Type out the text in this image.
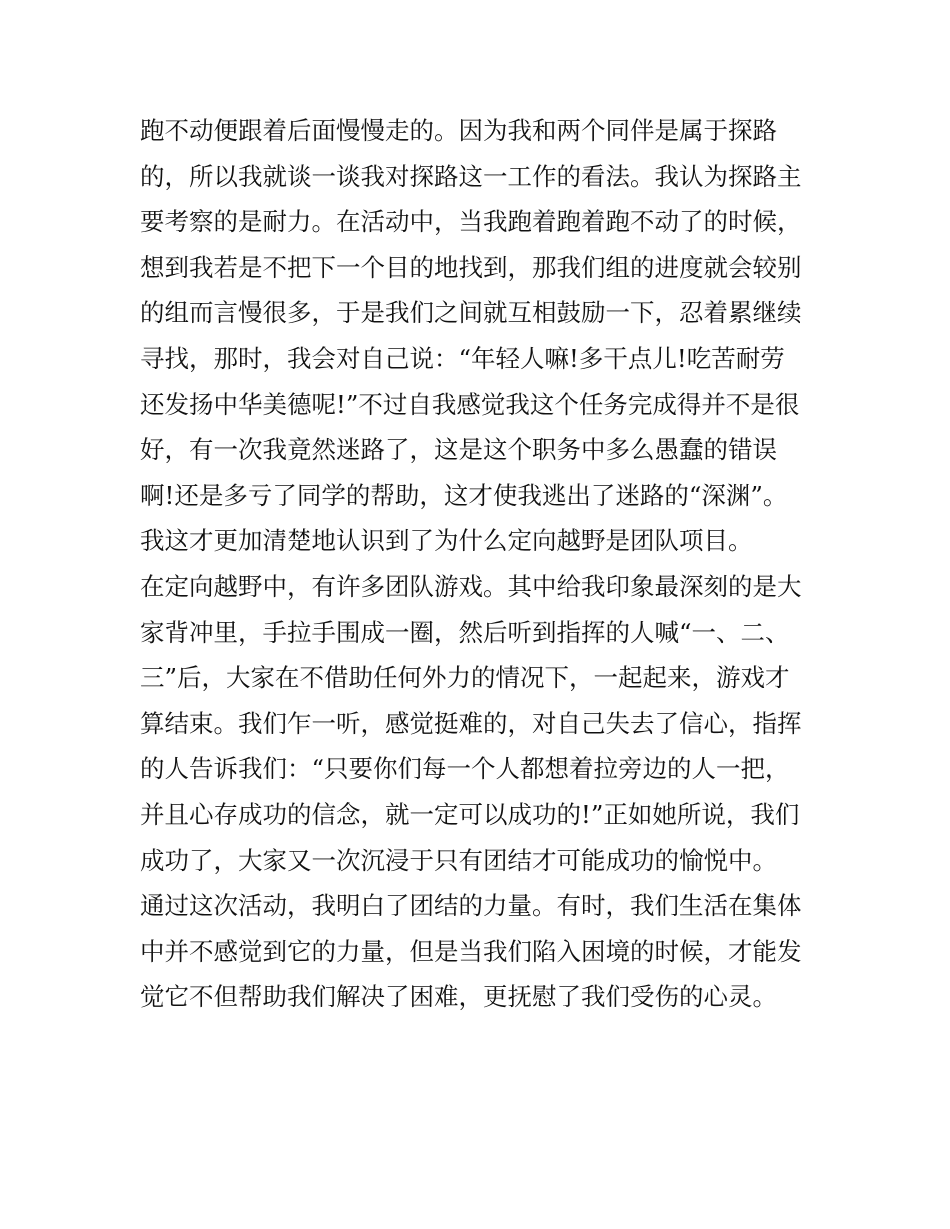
跑不动便跟着后面慢慢走的。因为我和两个同伴是属于探路
的，所以我就谈一谈我对探路这一工作的看法。我认为探路主
要考察的是耐力。在活动中，当我跑着跑着跑不动了的时候，
想到我若是不把下一个目的地找到，那我们组的进度就会较别
的组而言慢很多，于是我们之间就互相鼓励一下，忍着累继续
寻找，那时，我会对自己说：“年轻人嘛!多干点儿!吃苦耐劳
还发扬中华美德呢!”不过自我感觉我这个任务完成得并不是很
好，有一次我竟然迷路了，这是这个职务中多么愚蠢的错误
啊!还是多亏了同学的帮助，这才使我逃出了迷路的“深渊”。
我这才更加清楚地认识到了为什么定向越野是团队项目。
在定向越野中，有许多团队游戏。其中给我印象最深刻的是大
家背冲里，手拉手围成一圈，然后听到指挥的人喊“一、二、
三”后，大家在不借助任何外力的情况下，一起起来，游戏才
算结束。我们乍一听，感觉挺难的，对自己失去了信心，指挥
的人告诉我们：“只要你们每一个人都想着拉旁边的人一把，
并且心存成功的信念，就一定可以成功的!”正如她所说，我们
成功了，大家又一次沉浸于只有团结才可能成功的愉悦中。
通过这次活动，我明白了团结的力量。有时，我们生活在集体
中并不感觉到它的力量，但是当我们陷入困境的时候，才能发
觉它不但帮助我们解决了困难，更抚慰了我们受伤的心灵。
